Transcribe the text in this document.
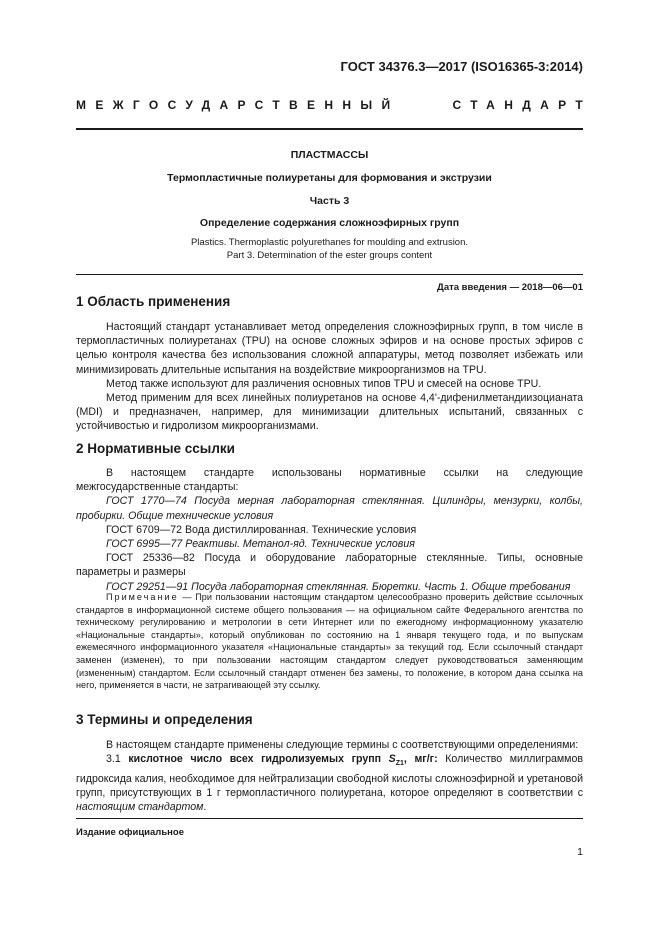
ГОСТ 34376.3—2017 (ISO16365-3:2014)
МЕЖГОСУДАРСТВЕННЫЙ	СТАНДАРТ
ПЛАСТМАССЫ
Термопластичные полиуретаны для формования и экструзии
Часть 3
Определение содержания сложноэфирных групп
Plastics. Thermoplastic polyurethanes for moulding and extrusion.
Part 3. Determination of the ester groups content
Дата введения — 2018—06—01
1 Область применения

Настоящий стандарт устанавливает метод определения сложноэфирных групп, в том числе в термопластичных полиуретанах (TPU) на основе сложных эфиров и на основе простых эфиров с целью контроля качества без использования сложной аппаратуры, метод позволяет избежать или минимизировать длительные испытания на воздействие микроорганизмов на TPU.

Метод также используют для различения основных типов TPU и смесей на основе TPU.

Метод применим для всех линейных полиуретанов на основе 4,4'-дифенилметандиизоцианата (MDI) и предназначен, например, для минимизации длительных испытаний, связанных с устойчивостью и гидролизом микроорганизмами.

2 Нормативные ссылки

В настоящем стандарте использованы нормативные ссылки на следующие межгосударственные стандарты:

ГОСТ 1770—74 Посуда мерная лабораторная стеклянная. Цилиндры, мензурки, колбы, пробирки. Общие технические условия

ГОСТ 6709—72 Вода дистиллированная. Технические условия

ГОСТ 6995—77 Реактивы. Метанол-яд. Технические условия

ГОСТ 25336—82 Посуда и оборудование лабораторные стеклянные. Типы, основные параметры и размеры

ГОСТ 29251—91 Посуда лабораторная стеклянная. Бюретки. Часть 1. Общие требования

Примечание — При пользовании настоящим стандартом целесообразно проверить действие ссылочных стандартов в информационной системе общего пользования — на официальном сайте Федерального агентства по техническому регулированию и метрологии в сети Интернет или по ежегодному информационному указателю «Национальные стандарты», который опубликован по состоянию на 1 января текущего года, и по выпускам ежемесячного информационного указателя «Национальные стандарты» за текущий год. Если ссылочный стандарт заменен (изменен), то при пользовании настоящим стандартом следует руководствоваться заменяющим (измененным) стандартом. Если ссылочный стандарт отменен без замены, то положение, в котором дана ссылка на него, применяется в части, не затрагивающей эту ссылку.

3 Термины и определения

В настоящем стандарте применены следующие термины с соответствующими определениями:

3.1 кислотное число всех гидролизуемых групп $S_{Z1}$, мг/г: Количество миллиграммов гидроксида калия, необходимое для нейтрализации свободной кислоты сложноэфирной и уретановой групп, присутствующих в 1 г термопластичного полиуретана, которое определяют в соответствии с настоящим стандартом.

Издание официальное
1
